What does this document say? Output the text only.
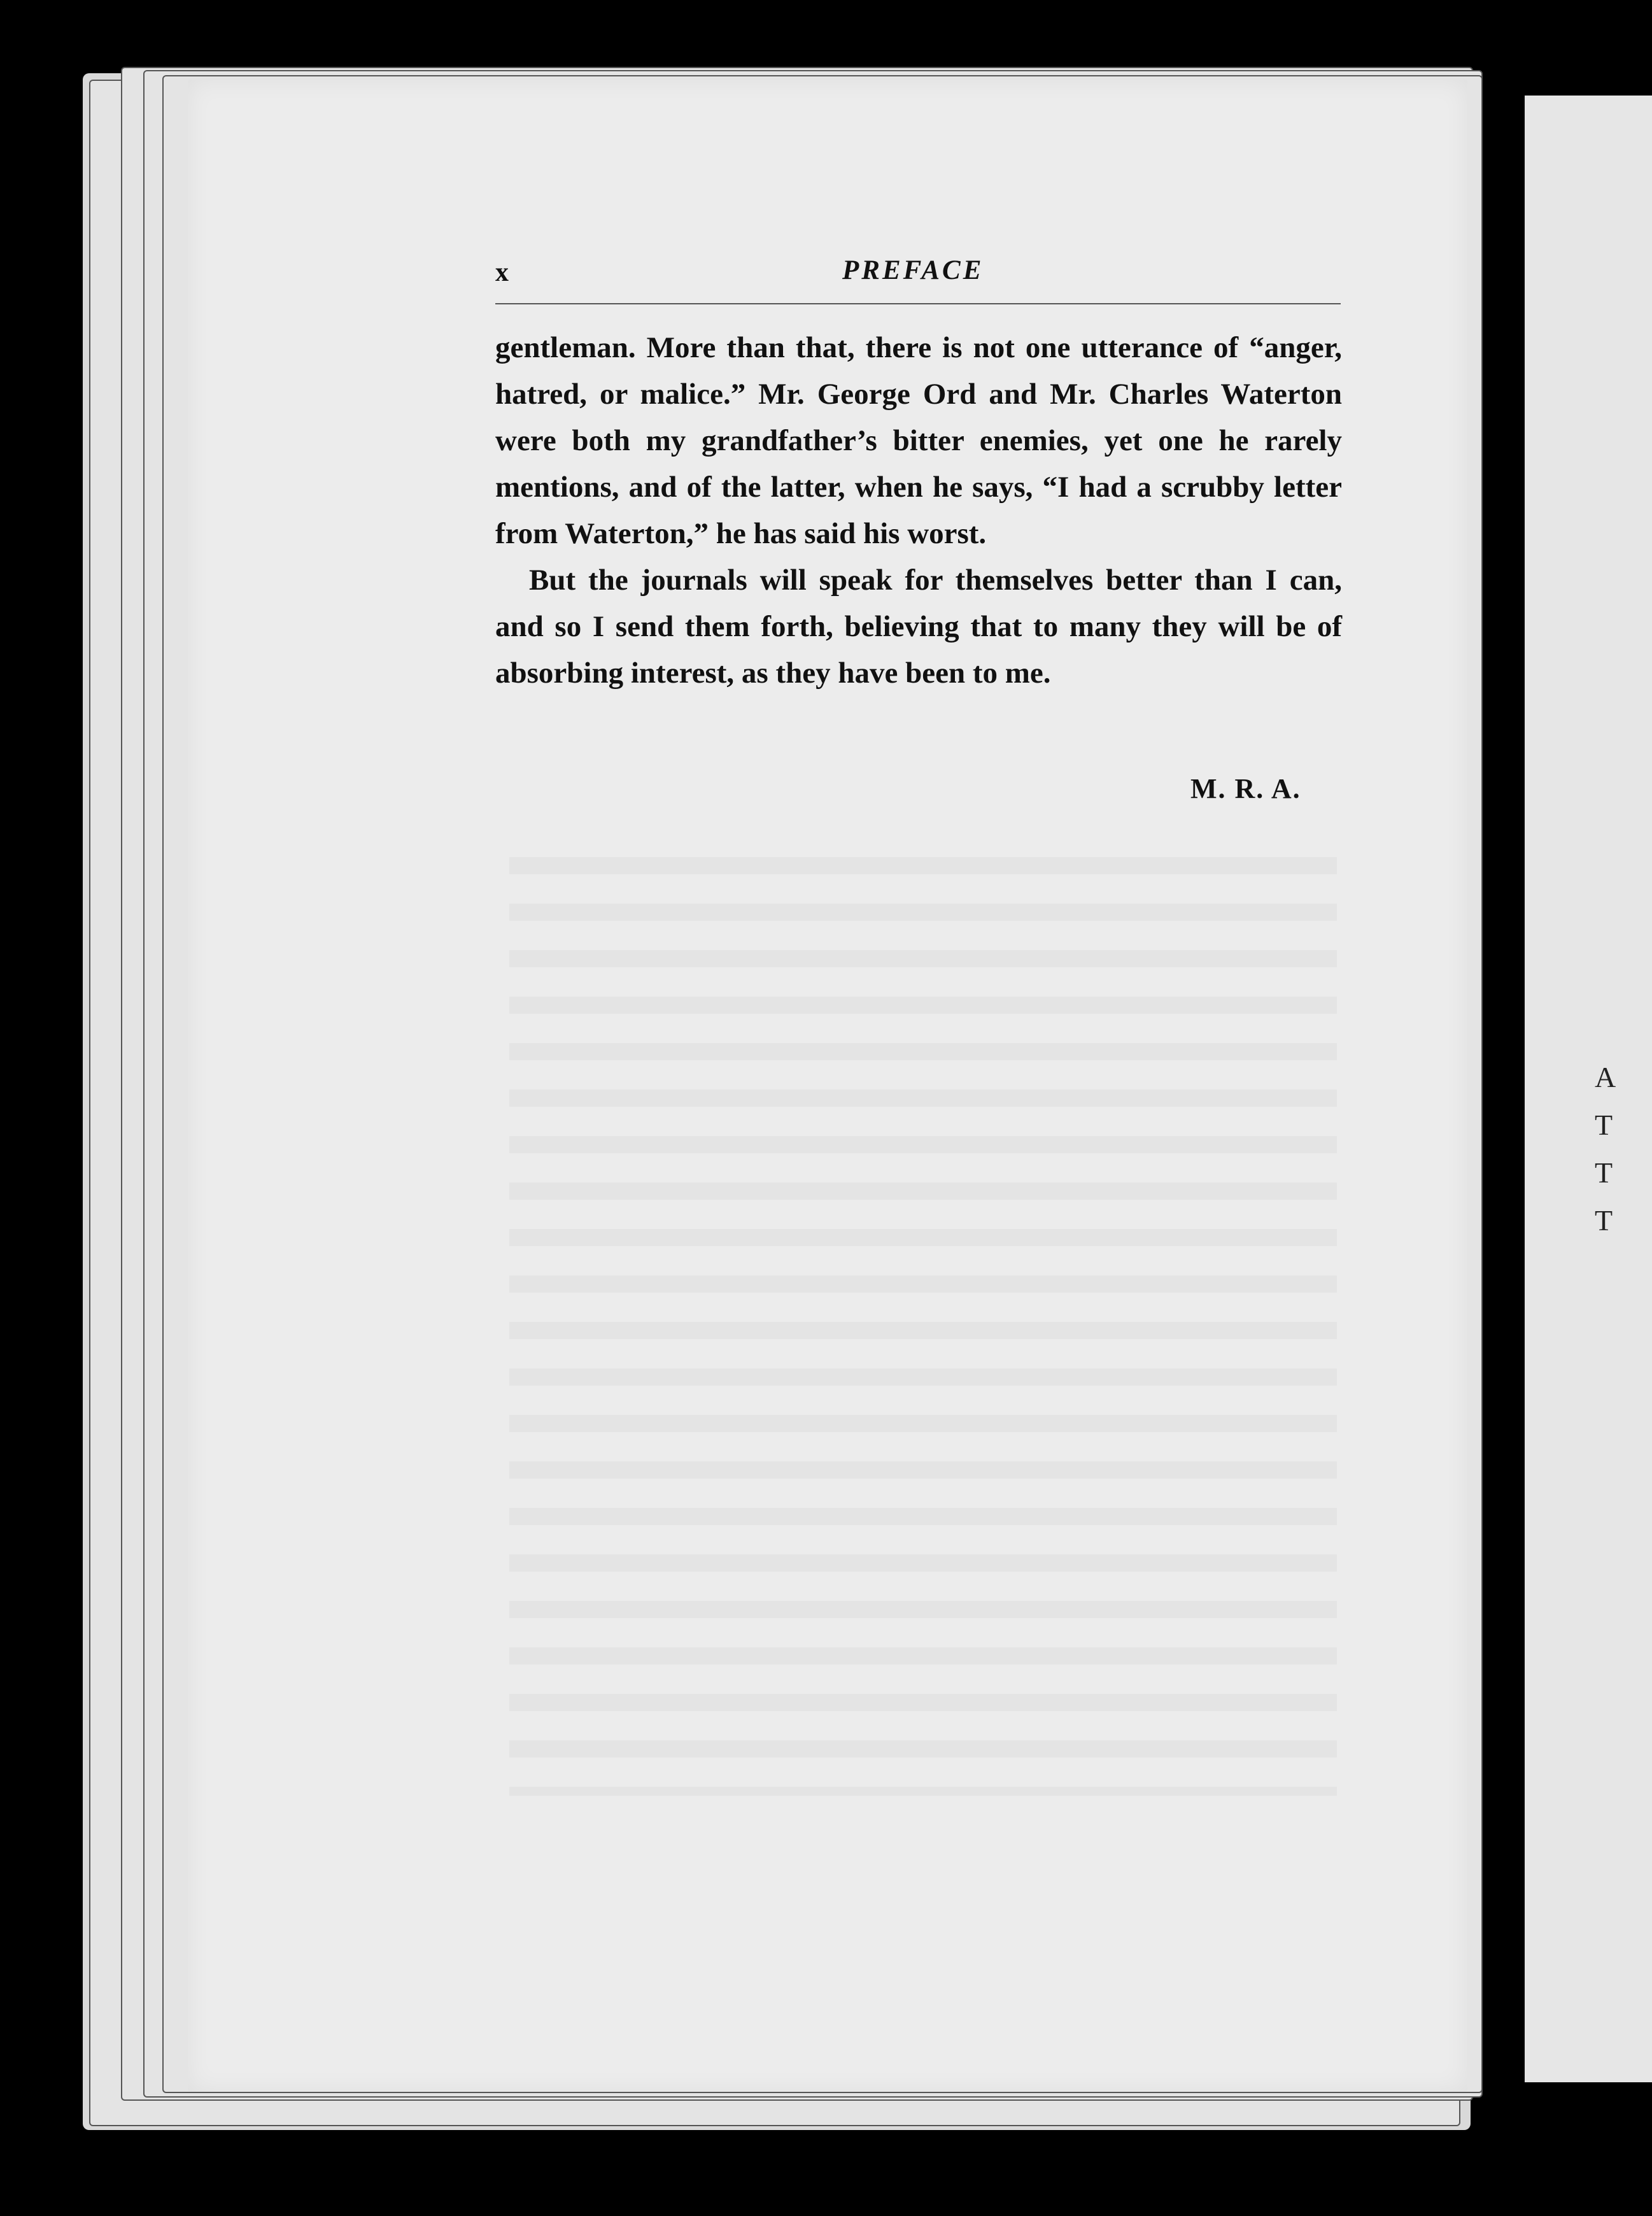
A
T
T
T
x	PREFACE

gentleman. More than that, there is not one utterance of “anger, hatred, or malice.” Mr. George Ord and Mr. Charles Waterton were both my grandfather’s bitter enemies, yet one he rarely mentions, and of the latter, when he says, “I had a scrubby letter from Waterton,” he has said his worst.

But the journals will speak for themselves better than I can, and so I send them forth, believing that to many they will be of absorbing interest, as they have been to me.

M. R. A.
